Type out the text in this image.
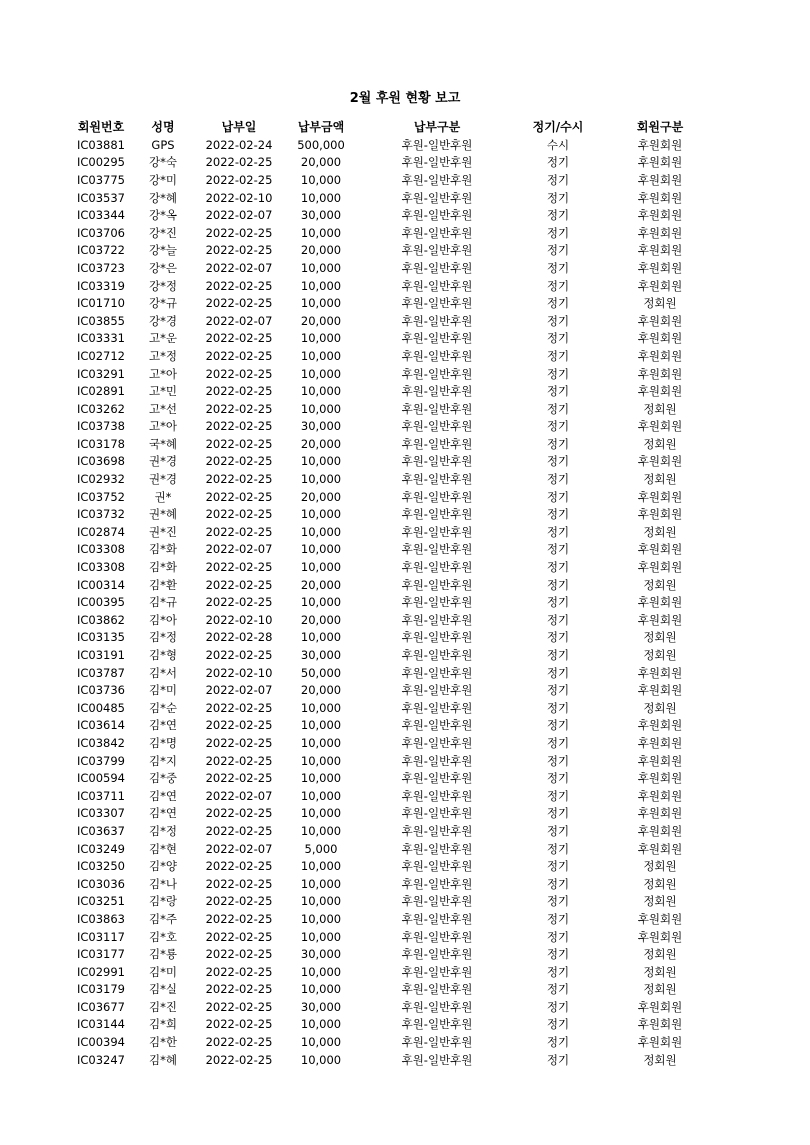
2월 후원 현황 보고
회원번호	성명	납부일	납부금액	납부구분	정기/수시	회원구분
IC03881	GPS	2022-02-24	500,000	후원-일반후원	수시	후원회원
IC00295	강*숙	2022-02-25	20,000	후원-일반후원	정기	후원회원
IC03775	강*미	2022-02-25	10,000	후원-일반후원	정기	후원회원
IC03537	강*혜	2022-02-10	10,000	후원-일반후원	정기	후원회원
IC03344	강*옥	2022-02-07	30,000	후원-일반후원	정기	후원회원
IC03706	강*진	2022-02-25	10,000	후원-일반후원	정기	후원회원
IC03722	강*늘	2022-02-25	20,000	후원-일반후원	정기	후원회원
IC03723	강*은	2022-02-07	10,000	후원-일반후원	정기	후원회원
IC03319	강*정	2022-02-25	10,000	후원-일반후원	정기	후원회원
IC01710	강*규	2022-02-25	10,000	후원-일반후원	정기	정회원
IC03855	강*경	2022-02-07	20,000	후원-일반후원	정기	후원회원
IC03331	고*운	2022-02-25	10,000	후원-일반후원	정기	후원회원
IC02712	고*정	2022-02-25	10,000	후원-일반후원	정기	후원회원
IC03291	고*아	2022-02-25	10,000	후원-일반후원	정기	후원회원
IC02891	고*민	2022-02-25	10,000	후원-일반후원	정기	후원회원
IC03262	고*선	2022-02-25	10,000	후원-일반후원	정기	정회원
IC03738	고*아	2022-02-25	30,000	후원-일반후원	정기	후원회원
IC03178	국*혜	2022-02-25	20,000	후원-일반후원	정기	정회원
IC03698	권*경	2022-02-25	10,000	후원-일반후원	정기	후원회원
IC02932	권*경	2022-02-25	10,000	후원-일반후원	정기	정회원
IC03752	권*	2022-02-25	20,000	후원-일반후원	정기	후원회원
IC03732	권*혜	2022-02-25	10,000	후원-일반후원	정기	후원회원
IC02874	권*진	2022-02-25	10,000	후원-일반후원	정기	정회원
IC03308	김*화	2022-02-07	10,000	후원-일반후원	정기	후원회원
IC03308	김*화	2022-02-25	10,000	후원-일반후원	정기	후원회원
IC00314	김*환	2022-02-25	20,000	후원-일반후원	정기	정회원
IC00395	김*규	2022-02-25	10,000	후원-일반후원	정기	후원회원
IC03862	김*아	2022-02-10	20,000	후원-일반후원	정기	후원회원
IC03135	김*정	2022-02-28	10,000	후원-일반후원	정기	정회원
IC03191	김*형	2022-02-25	30,000	후원-일반후원	정기	정회원
IC03787	김*서	2022-02-10	50,000	후원-일반후원	정기	후원회원
IC03736	김*미	2022-02-07	20,000	후원-일반후원	정기	후원회원
IC00485	김*순	2022-02-25	10,000	후원-일반후원	정기	정회원
IC03614	김*연	2022-02-25	10,000	후원-일반후원	정기	후원회원
IC03842	김*명	2022-02-25	10,000	후원-일반후원	정기	후원회원
IC03799	김*지	2022-02-25	10,000	후원-일반후원	정기	후원회원
IC00594	김*중	2022-02-25	10,000	후원-일반후원	정기	후원회원
IC03711	김*연	2022-02-07	10,000	후원-일반후원	정기	후원회원
IC03307	김*연	2022-02-25	10,000	후원-일반후원	정기	후원회원
IC03637	김*정	2022-02-25	10,000	후원-일반후원	정기	후원회원
IC03249	김*현	2022-02-07	5,000	후원-일반후원	정기	후원회원
IC03250	김*양	2022-02-25	10,000	후원-일반후원	정기	정회원
IC03036	김*나	2022-02-25	10,000	후원-일반후원	정기	정회원
IC03251	김*랑	2022-02-25	10,000	후원-일반후원	정기	정회원
IC03863	김*주	2022-02-25	10,000	후원-일반후원	정기	후원회원
IC03117	김*호	2022-02-25	10,000	후원-일반후원	정기	후원회원
IC03177	김*룡	2022-02-25	30,000	후원-일반후원	정기	정회원
IC02991	김*미	2022-02-25	10,000	후원-일반후원	정기	정회원
IC03179	김*실	2022-02-25	10,000	후원-일반후원	정기	정회원
IC03677	김*진	2022-02-25	30,000	후원-일반후원	정기	후원회원
IC03144	김*희	2022-02-25	10,000	후원-일반후원	정기	후원회원
IC00394	김*한	2022-02-25	10,000	후원-일반후원	정기	후원회원
IC03247	김*혜	2022-02-25	10,000	후원-일반후원	정기	정회원
